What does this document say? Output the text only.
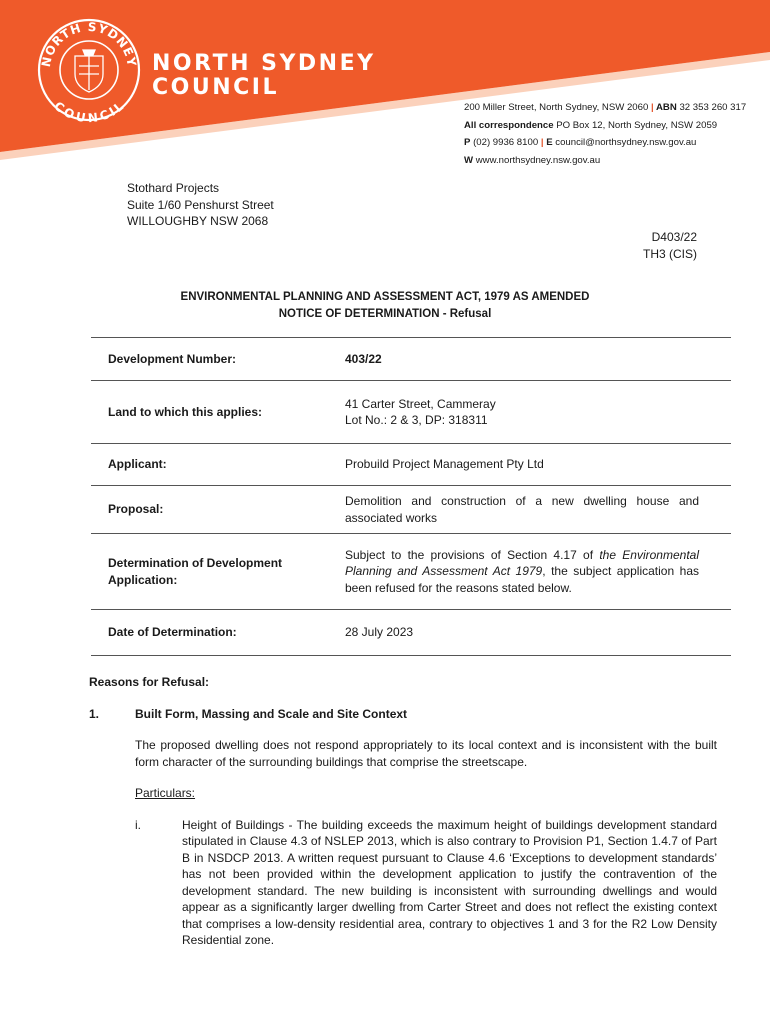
NORTH SYDNEY
COUNCIL
NORTH SYDNEY
COUNCIL
200 Miller Street, North Sydney, NSW 2060 | ABN 32 353 260 317
All correspondence PO Box 12, North Sydney, NSW 2059
P (02) 9936 8100 | E council@northsydney.nsw.gov.au
W www.northsydney.nsw.gov.au
Stothard Projects
Suite 1/60 Penshurst Street
WILLOUGHBY NSW 2068
D403/22
TH3 (CIS)
ENVIRONMENTAL PLANNING AND ASSESSMENT ACT, 1979 AS AMENDED
NOTICE OF DETERMINATION - Refusal
Development Number:	403/22
Land to which this applies:
41 Carter Street, Cammeray
Lot No.: 2 & 3, DP: 318311
Applicant:	Probuild Project Management Pty Ltd
Proposal:
Demolition and construction of a new dwelling house and associated works
Determination of Development Application:
Subject to the provisions of Section 4.17 of the Environmental Planning and Assessment Act 1979, the subject application has been refused for the reasons stated below.
Date of Determination:	28 July 2023
Reasons for Refusal:
1.	Built Form, Massing and Scale and Site Context
The proposed dwelling does not respond appropriately to its local context and is inconsistent with the built form character of the surrounding buildings that comprise the streetscape.
Particulars:
i.	Height of Buildings - The building exceeds the maximum height of buildings development standard stipulated in Clause 4.3 of NSLEP 2013, which is also contrary to Provision P1, Section 1.4.7 of Part B in NSDCP 2013. A written request pursuant to Clause 4.6 ‘Exceptions to development standards’ has not been provided within the development application to justify the contravention of the development standard. The new building is inconsistent with surrounding dwellings and would appear as a significantly larger dwelling from Carter Street and does not reflect the existing context that comprises a low-density residential area, contrary to objectives 1 and 3 for the R2 Low Density Residential zone.
